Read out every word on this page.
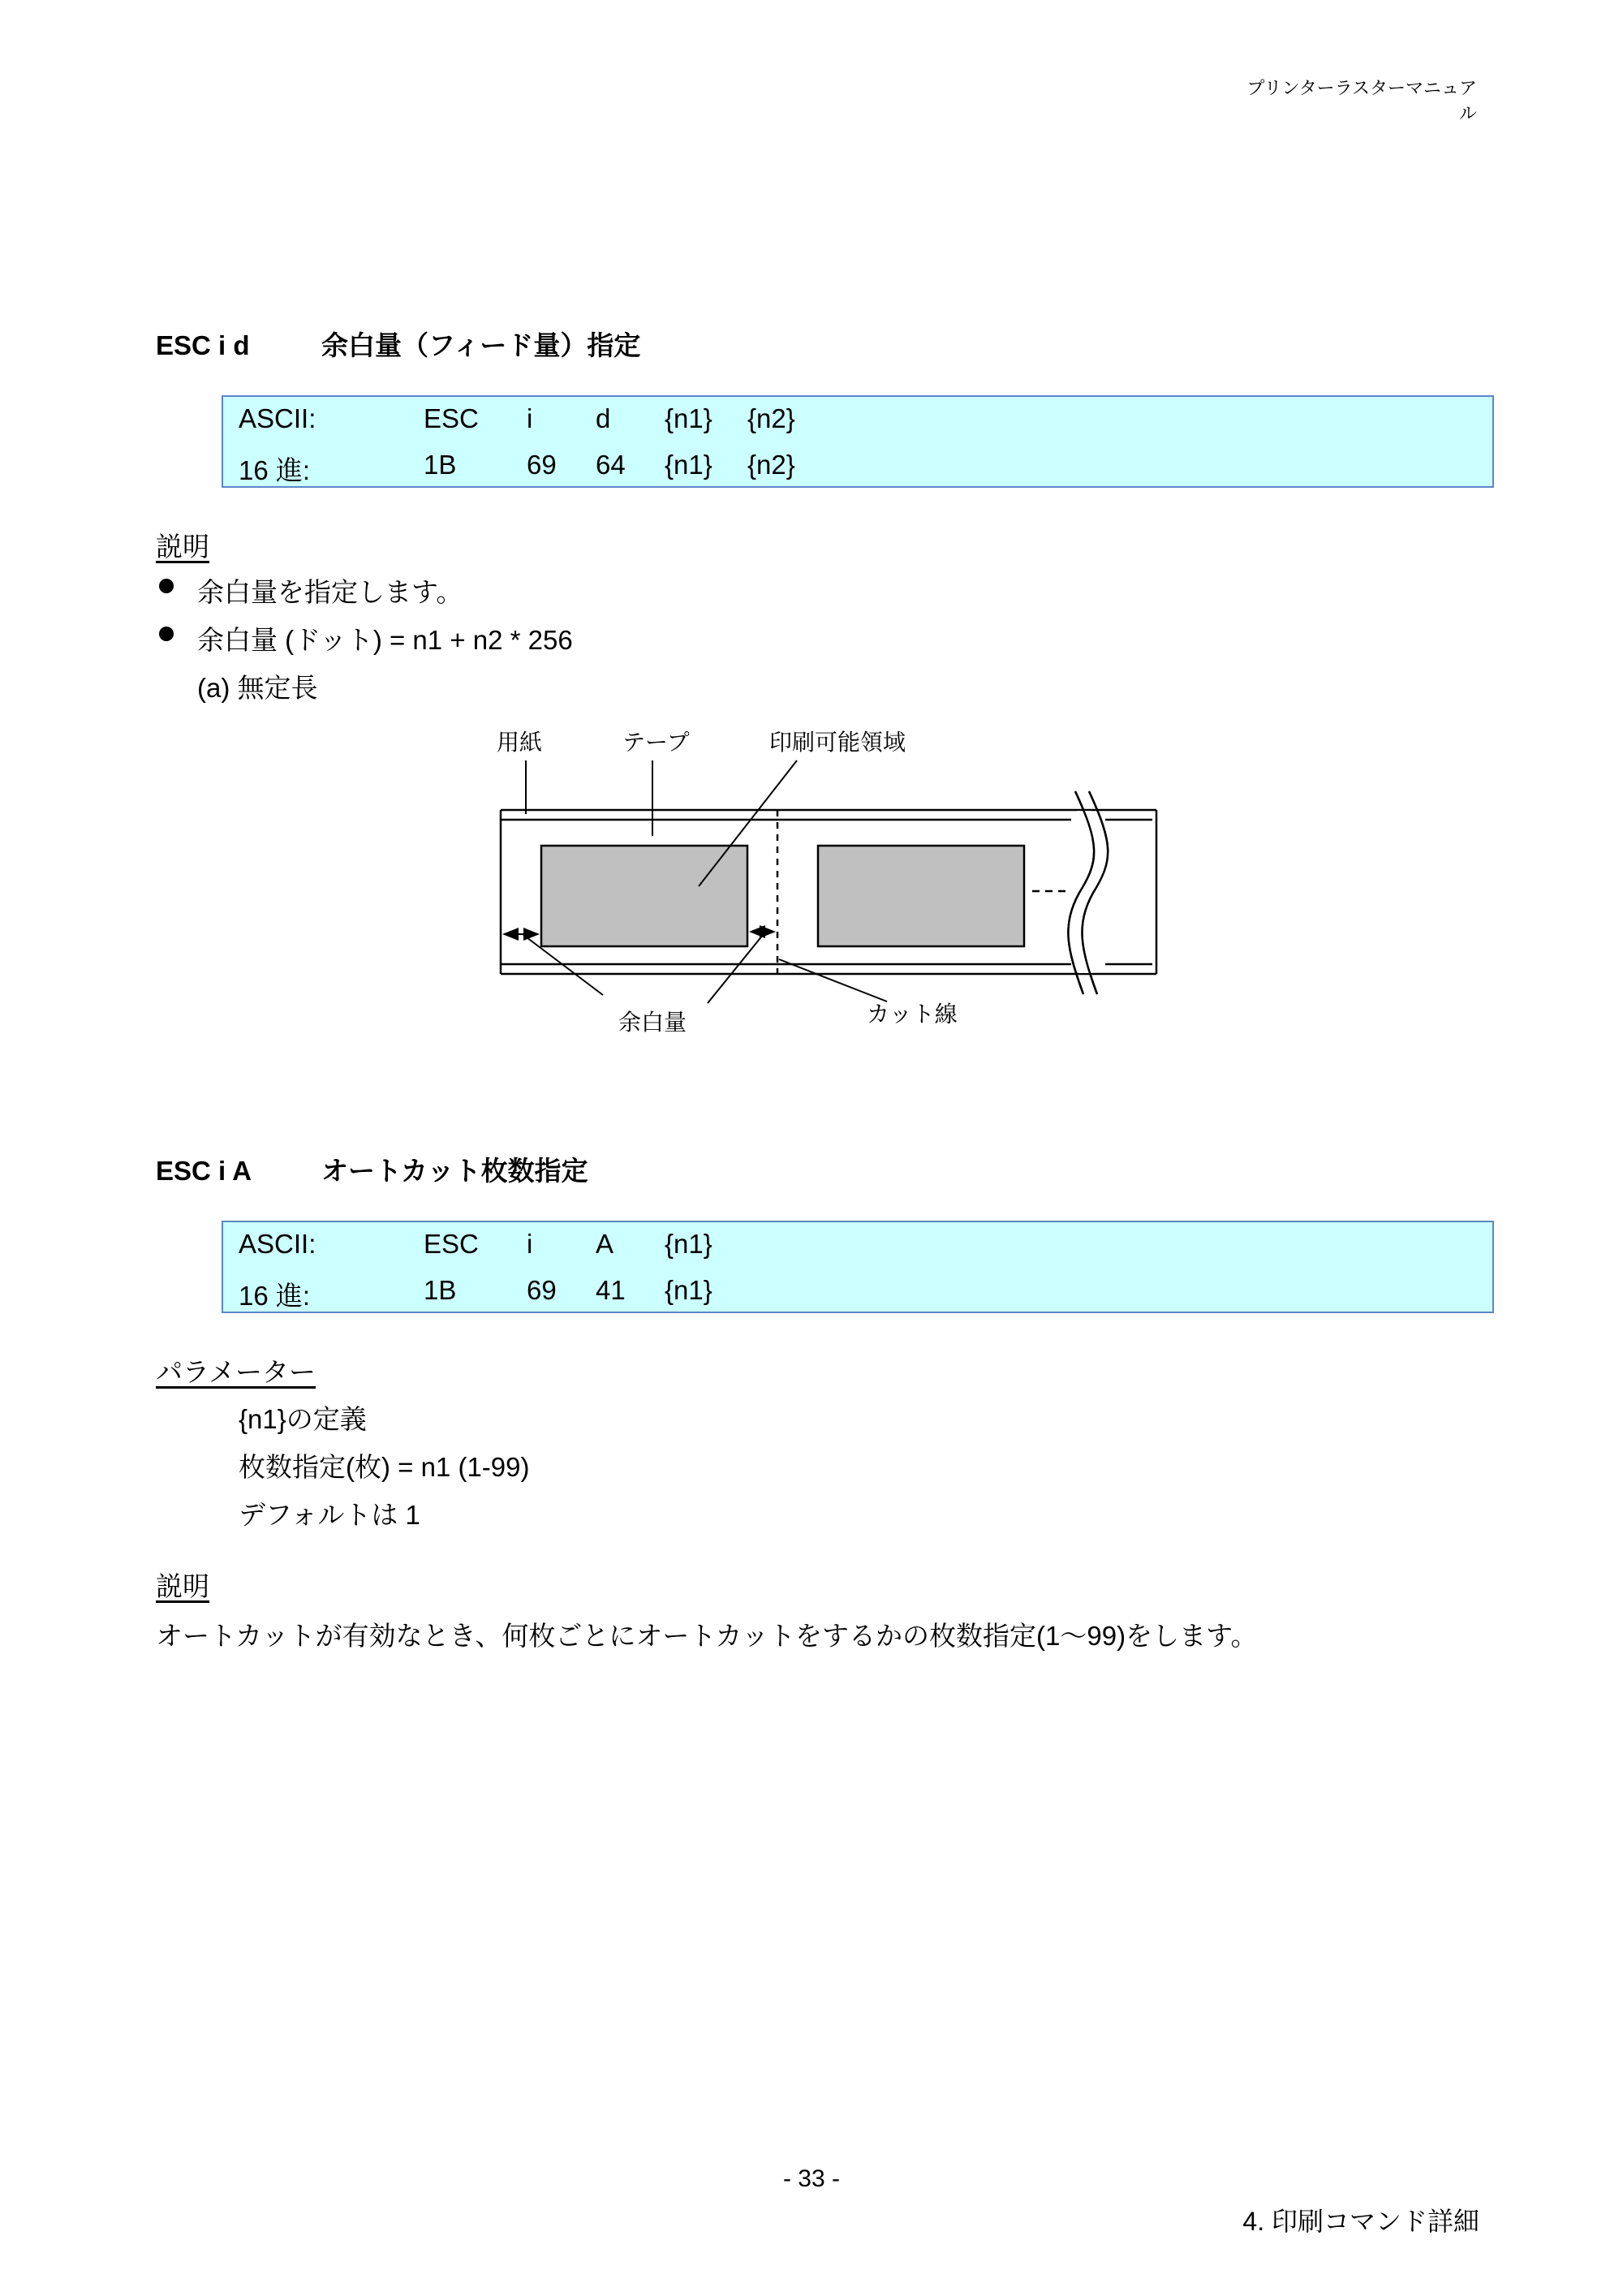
プリンターラスターマニュアル
ESC i d	余白量（フィード量）指定
ASCII:	ESC i d {n1} {n2}
16 進:	1B	69 64 {n1} {n2}
説明
余白量を指定します。
余白量 (ドット) = n1 + n2 * 256
(a) 無定長
用紙	テープ	印刷可能領域
余白量	カット線
ESC i A	オートカット枚数指定
ASCII:	ESC i A {n1}
16 進:	1B	69 41 {n1}
パラメーター
{n1}の定義
枚数指定(枚) = n1 (1-99)
デフォルトは 1
説明
オートカットが有効なとき、何枚ごとにオートカットをするかの枚数指定(1～99)をします。
- 33 -
4. 印刷コマンド詳細
